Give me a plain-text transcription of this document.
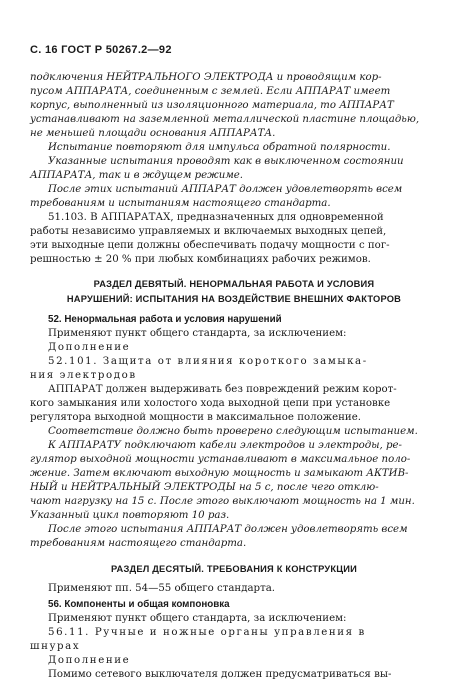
С. 16 ГОСТ Р 50267.2—92
подключения НЕЙТРАЛЬНОГО ЭЛЕКТРОДА и проводящим кор-
пусом АППАРАТА, соединенным с землей. Если АППАРАТ имеет
корпус, выполненный из изоляционного материала, то АППАРАТ
устанавливают на заземленной металлической пластине площадью,
не меньшей площади основания АППАРАТА.
Испытание повторяют для импульса обратной полярности.
Указанные испытания проводят как в выключенном состоянии
АППАРАТА, так и в ждущем режиме.
После этих испытаний АППАРАТ должен удовлетворять всем
требованиям и испытаниям настоящего стандарта.
51.103. В АППАРАТАХ, предназначенных для одновременной
работы независимо управляемых и включаемых выходных цепей,
эти выходные цепи должны обеспечивать подачу мощности с пог-
решностью ± 20 % при любых комбинациях рабочих режимов.
РАЗДЕЛ ДЕВЯТЫЙ. НЕНОРМАЛЬНАЯ РАБОТА И УСЛОВИЯ
НАРУШЕНИЙ: ИСПЫТАНИЯ НА ВОЗДЕЙСТВИЕ ВНЕШНИХ ФАКТОРОВ
52. Ненормальная работа и условия нарушений
Применяют пункт общего стандарта, за исключением:
Дополнение
52.101. Защита от влияния короткого замыка-
ния электродов
АППАРАТ должен выдерживать без повреждений режим корот-
кого замыкания или холостого хода выходной цепи при установке
регулятора выходной мощности в максимальное положение.
Соответствие должно быть проверено следующим испытанием.
К АППАРАТУ подключают кабели электродов и электроды, ре-
гулятор выходной мощности устанавливают в максимальное поло-
жение. Затем включают выходную мощность и замыкают АКТИВ-
НЫЙ и НЕЙТРАЛЬНЫЙ ЭЛЕКТРОДЫ на 5 с, после чего отклю-
чают нагрузку на 15 с. После этого выключают мощность на 1 мин.
Указанный цикл повторяют 10 раз.
После этого испытания АППАРАТ должен удовлетворять всем
требованиям настоящего стандарта.
РАЗДЕЛ ДЕСЯТЫЙ. ТРЕБОВАНИЯ К КОНСТРУКЦИИ
Применяют пп. 54—55 общего стандарта.
56. Компоненты и общая компоновка
Применяют пункт общего стандарта, за исключением:
56.11. Ручные и ножные органы управления в
шнурах
Дополнение
Помимо сетевого выключателя должен предусматриваться вы-
